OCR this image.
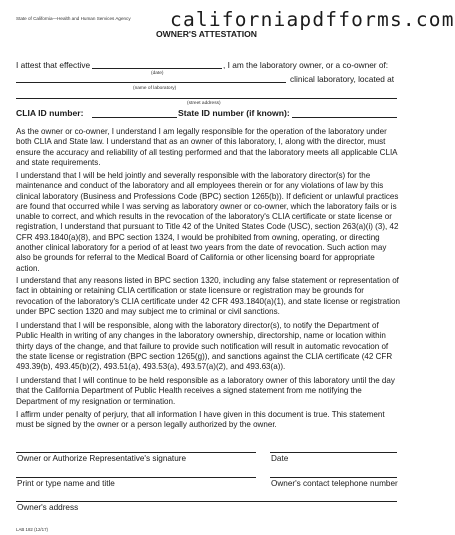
State of California—Health and Human Services Agency californiapdfforms.com
OWNER'S ATTESTATION
I attest that effective	, I am the laboratory owner, or a co-owner of:
(date)
clinical laboratory, located at
(name of laboratory)
(street address)
CLIA ID number:	State ID number (if known):
As the owner or co-owner, I understand I am legally responsible for the operation of the laboratory under both CLIA and State law. I understand that as an owner of this laboratory, I, along with the director, must ensure the accuracy and reliability of all testing performed and that the laboratory meets all applicable CLIA and state requirements.
I understand that I will be held jointly and severally responsible with the laboratory director(s) for the maintenance and conduct of the laboratory and all employees therein or for any violations of law by this clinical laboratory (Business and Professions Code (BPC) section 1265(b)). If deficient or unlawful practices are found that occurred while I was serving as laboratory owner or co-owner, which the laboratory fails or is unable to correct, and which results in the revocation of the laboratory's CLIA certificate or state license or registration, I understand that pursuant to Title 42 of the United States Code (USC), section 263(a)(i) (3), 42 CFR 493.1840(a)(8), and BPC section 1324, I would be prohibited from owning, operating, or directing another clinical laboratory for a period of at least two years from the date of revocation. Such action may also be grounds for referral to the Medical Board of California or other licensing board for appropriate action.
I understand that any reasons listed in BPC section 1320, including any false statement or representation of fact in obtaining or retaining CLIA certification or state licensure or registration may be grounds for revocation of the laboratory's CLIA certificate under 42 CFR 493.1840(a)(1), and state license or registration under BPC section 1320 and may subject me to criminal or civil sanctions.
I understand that I will be responsible, along with the laboratory director(s), to notify the Department of Public Health in writing of any changes in the laboratory ownership, directorship, name or location within thirty days of the change, and that failure to provide such notification will result in automatic revocation of the state license or registration (BPC section 1265(g)), and sanctions against the CLIA certificate (42 CFR 493.39(b), 493.45(b)(2), 493.51(a), 493.53(a), 493.57(a)(2), and 493.63(a)).
I understand that I will continue to be held responsible as a laboratory owner of this laboratory until the day that the California Department of Public Health receives a signed statement from me notifying the Department of my resignation or termination.
I affirm under penalty of perjury, that all information I have given in this document is true. This statement must be signed by the owner or a person legally authorized by the owner.
Owner or Authorize Representative's signature	Date
Print or type name and title	Owner's contact telephone number
Owner's address
LAB 182 (12/17)
